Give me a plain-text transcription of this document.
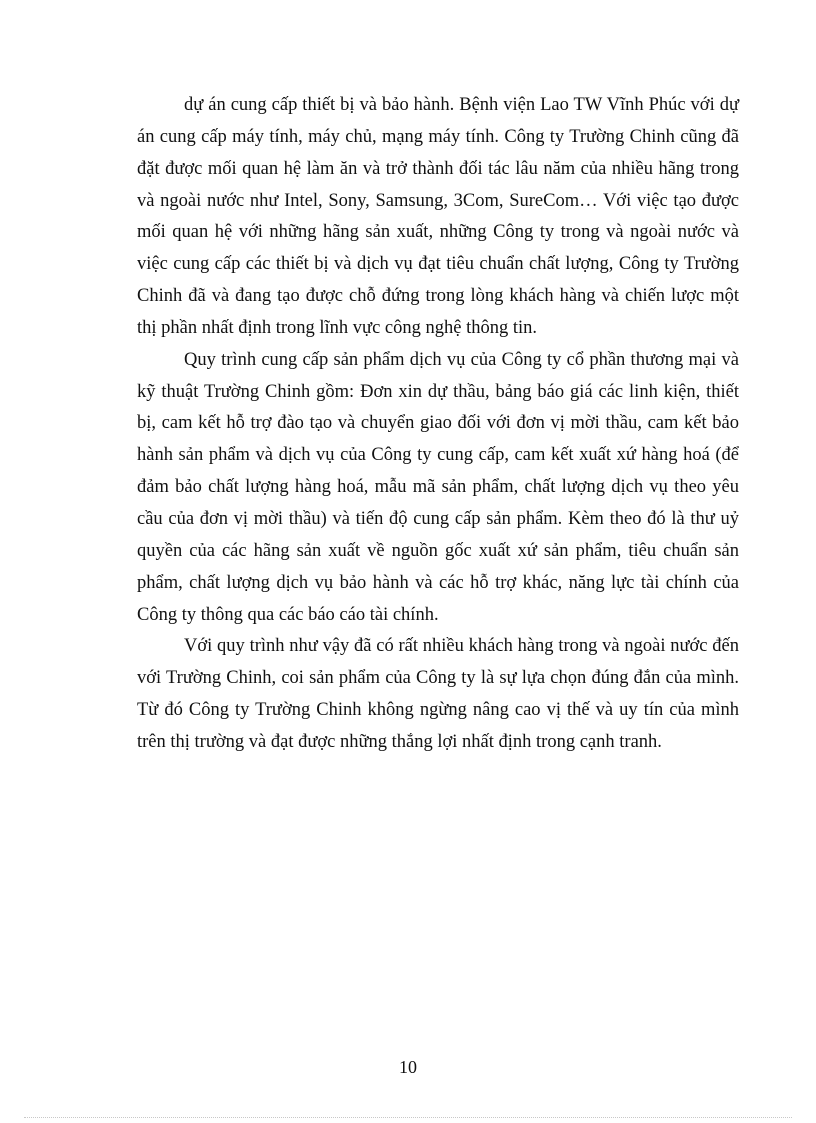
dự án cung cấp thiết bị và bảo hành. Bệnh viện Lao TW Vĩnh Phúc với dự án cung cấp máy tính, máy chủ, mạng máy tính. Công ty Trường Chinh cũng đã đặt được mối quan hệ làm ăn và trở thành đối tác lâu năm của nhiều hãng trong và ngoài nước như Intel, Sony, Samsung, 3Com, SureCom… Với việc tạo được mối quan hệ với những hãng sản xuất, những Công ty trong và ngoài nước và việc cung cấp các thiết bị và dịch vụ đạt tiêu chuẩn chất lượng, Công ty Trường Chinh đã và đang tạo được chỗ đứng trong lòng khách hàng và chiến lược một thị phần nhất định trong lĩnh vực công nghệ thông tin.

Quy trình cung cấp sản phẩm dịch vụ của Công ty cổ phần thương mại và kỹ thuật Trường Chinh gồm: Đơn xin dự thầu, bảng báo giá các linh kiện, thiết bị, cam kết hỗ trợ đào tạo và chuyển giao đối với đơn vị mời thầu, cam kết bảo hành sản phẩm và dịch vụ của Công ty cung cấp, cam kết xuất xứ hàng hoá (để đảm bảo chất lượng hàng hoá, mẫu mã sản phẩm, chất lượng dịch vụ theo yêu cầu của đơn vị mời thầu) và tiến độ cung cấp sản phẩm. Kèm theo đó là thư uỷ quyền của các hãng sản xuất về nguồn gốc xuất xứ sản phẩm, tiêu chuẩn sản phẩm, chất lượng dịch vụ bảo hành và các hỗ trợ khác, năng lực tài chính của Công ty thông qua các báo cáo tài chính.

Với quy trình như vậy đã có rất nhiều khách hàng trong và ngoài nước đến với Trường Chinh, coi sản phẩm của Công ty là sự lựa chọn đúng đắn của mình. Từ đó Công ty Trường Chinh không ngừng nâng cao vị thế và uy tín của mình trên thị trường và đạt được những thắng lợi nhất định trong cạnh tranh.

10
